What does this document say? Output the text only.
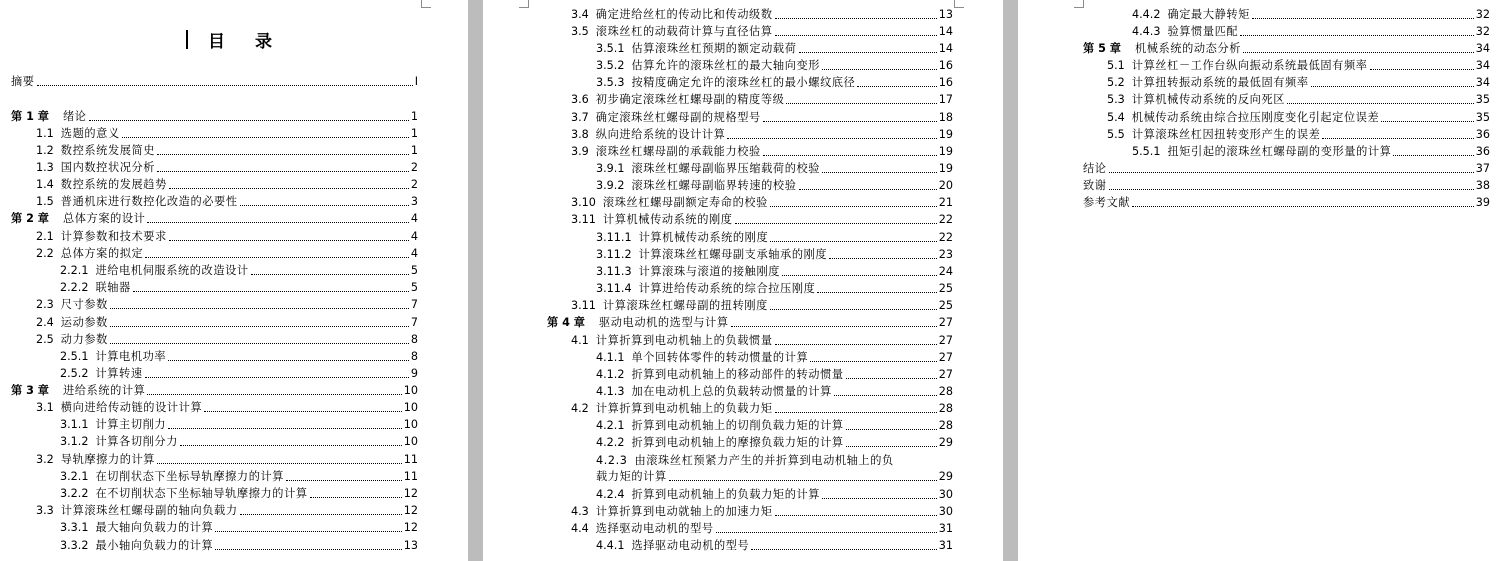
目 录
摘要	I
第 1 章 绪论	1
1.1 选题的意义	1
1.2 数控系统发展简史	1
1.3 国内数控状况分析	2
1.4 数控系统的发展趋势	2
1.5 普通机床进行数控化改造的必要性	3
第 2 章 总体方案的设计	4
2.1 计算参数和技术要求	4
2.2 总体方案的拟定	4
2.2.1 进给电机伺服系统的改造设计	5
2.2.2 联轴器	5
2.3 尺寸参数	7
2.4 运动参数	7
2.5 动力参数	8
2.5.1 计算电机功率	8
2.5.2 计算转速	9
第 3 章 进给系统的计算	10
3.1 横向进给传动链的设计计算	10
3.1.1 计算主切削力	10
3.1.2 计算各切削分力	10
3.2 导轨摩擦力的计算	11
3.2.1 在切削状态下坐标导轨摩擦力的计算	11
3.2.2 在不切削状态下坐标轴导轨摩擦力的计算	12
3.3 计算滚珠丝杠螺母副的轴向负载力	12
3.3.1 最大轴向负载力的计算	12
3.3.2 最小轴向负载力的计算	13
3.4 确定进给丝杠的传动比和传动级数	13
3.5 滚珠丝杠的动载荷计算与直径估算	14
3.5.1 估算滚珠丝杠预期的额定动载荷	14
3.5.2 估算允许的滚珠丝杠的最大轴向变形	16
3.5.3 按精度确定允许的滚珠丝杠的最小螺纹底径	16
3.6 初步确定滚珠丝杠螺母副的精度等级	17
3.7 确定滚珠丝杠螺母副的规格型号	18
3.8 纵向进给系统的设计计算	19
3.9 滚珠丝杠螺母副的承载能力校验	19
3.9.1 滚珠丝杠螺母副临界压缩载荷的校验	19
3.9.2 滚珠丝杠螺母副临界转速的校验	20
3.10 滚珠丝杠螺母副额定寿命的校验	21
3.11 计算机械传动系统的刚度	22
3.11.1 计算机械传动系统的刚度	22
3.11.2 计算滚珠丝杠螺母副支承轴承的刚度	23
3.11.3 计算滚珠与滚道的接触刚度	24
3.11.4 计算进给传动系统的综合拉压刚度	25
3.11 计算滚珠丝杠螺母副的扭转刚度	25
第 4 章 驱动电动机的选型与计算	27
4.1 计算折算到电动机轴上的负载惯量	27
4.1.1 单个回转体零件的转动惯量的计算	27
4.1.2 折算到电动机轴上的移动部件的转动惯量	27
4.1.3 加在电动机上总的负载转动惯量的计算	28
4.2 计算折算到电动机轴上的负载力矩	28
4.2.1 折算到电动机轴上的切削负载力矩的计算	28
4.2.2 折算到电动机轴上的摩擦负载力矩的计算	29
4.2.3 由滚珠丝杠预紧力产生的并折算到电动机轴上的负
载力矩的计算	29
4.2.4 折算到电动机轴上的负载力矩的计算	30
4.3 计算折算到电动就轴上的加速力矩	30
4.4 选择驱动电动机的型号	31
4.4.1 选择驱动电动机的型号	31
4.4.2 确定最大静转矩	32
4.4.3 验算惯量匹配	32
第 5 章 机械系统的动态分析	34
5.1 计算丝杠－工作台纵向振动系统最低固有频率	34
5.2 计算扭转振动系统的最低固有频率	34
5.3 计算机械传动系统的反向死区	35
5.4 机械传动系统由综合拉压刚度变化引起定位误差	35
5.5 计算滚珠丝杠因扭转变形产生的误差	36
5.5.1 扭矩引起的滚珠丝杠螺母副的变形量的计算	36
结论	37
致谢	38
参考文献	39
